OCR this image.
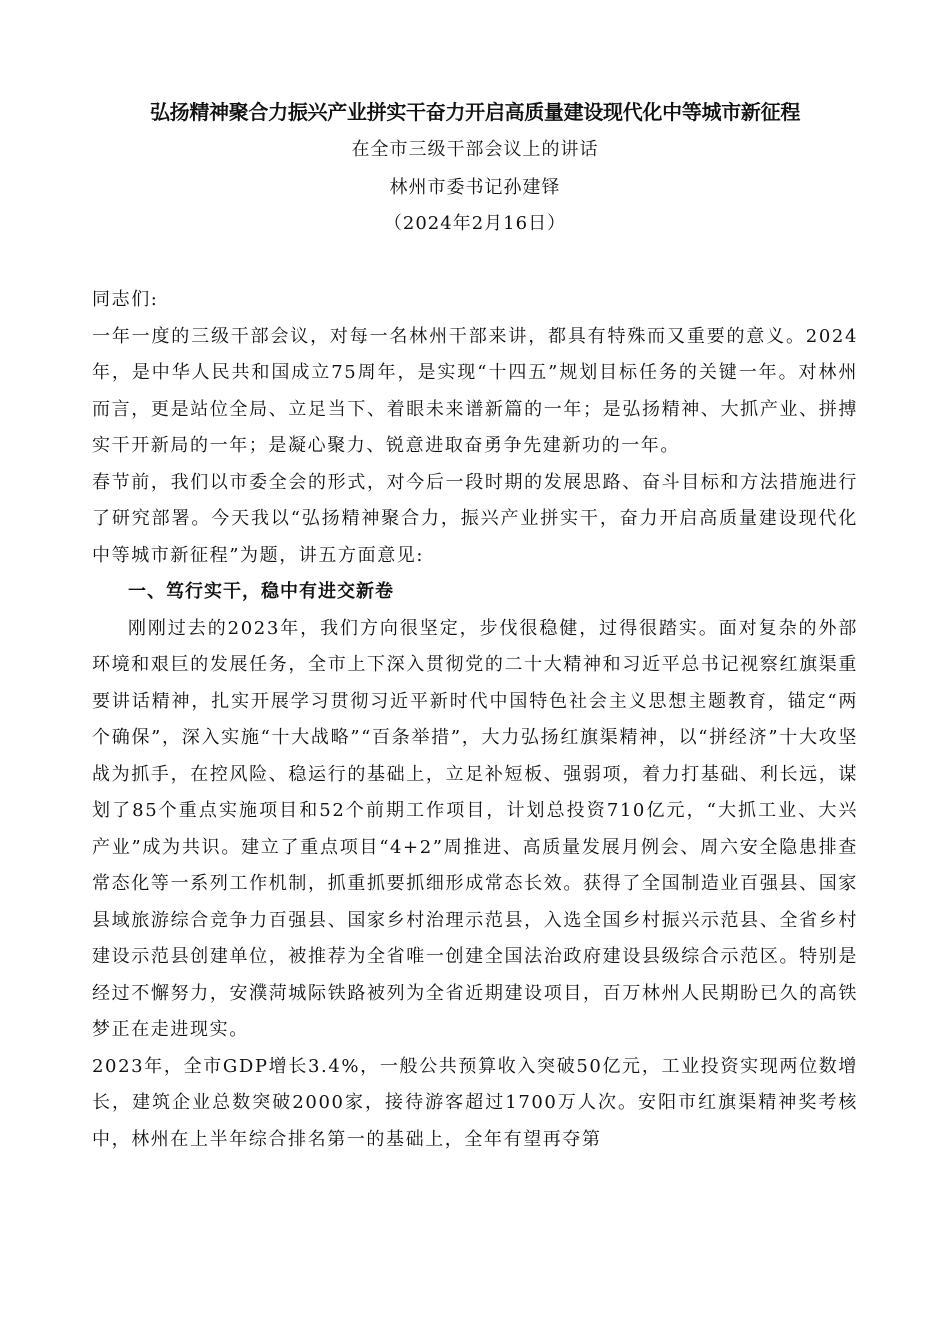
弘扬精神聚合力振兴产业拼实干奋力开启高质量建设现代化中等城市新征程
在全市三级干部会议上的讲话
林州市委书记孙建铎
（2024年2月16日）

同志们:

一年一度的三级干部会议，对每一名林州干部来讲，都具有特殊而又重要的意义。2024年，是中华人民共和国成立75周年，是实现“十四五”规划目标任务的关键一年。对林州而言，更是站位全局、立足当下、着眼未来谱新篇的一年；是弘扬精神、大抓产业、拼搏实干开新局的一年；是凝心聚力、锐意进取奋勇争先建新功的一年。

春节前，我们以市委全会的形式，对今后一段时期的发展思路、奋斗目标和方法措施进行了研究部署。今天我以“弘扬精神聚合力，振兴产业拼实干，奋力开启高质量建设现代化中等城市新征程”为题，讲五方面意见:

一、笃行实干，稳中有进交新卷

刚刚过去的2023年，我们方向很坚定，步伐很稳健，过得很踏实。面对复杂的外部环境和艰巨的发展任务，全市上下深入贯彻党的二十大精神和习近平总书记视察红旗渠重要讲话精神，扎实开展学习贯彻习近平新时代中国特色社会主义思想主题教育，锚定“两个确保”，深入实施“十大战略”“百条举措”，大力弘扬红旗渠精神，以“拼经济”十大攻坚战为抓手，在控风险、稳运行的基础上，立足补短板、强弱项，着力打基础、利长远，谋划了85个重点实施项目和52个前期工作项目，计划总投资710亿元，“大抓工业、大兴产业”成为共识。建立了重点项目“4+2”周推进、高质量发展月例会、周六安全隐患排查常态化等一系列工作机制，抓重抓要抓细形成常态长效。获得了全国制造业百强县、国家县域旅游综合竞争力百强县、国家乡村治理示范县，入选全国乡村振兴示范县、全省乡村建设示范县创建单位，被推荐为全省唯一创建全国法治政府建设县级综合示范区。特别是经过不懈努力，安濮菏城际铁路被列为全省近期建设项目，百万林州人民期盼已久的高铁梦正在走进现实。

2023年，全市GDP增长3.4%，一般公共预算收入突破50亿元，工业投资实现两位数增长，建筑企业总数突破2000家，接待游客超过1700万人次。安阳市红旗渠精神奖考核中，林州在上半年综合排名第一的基础上，全年有望再夺第
